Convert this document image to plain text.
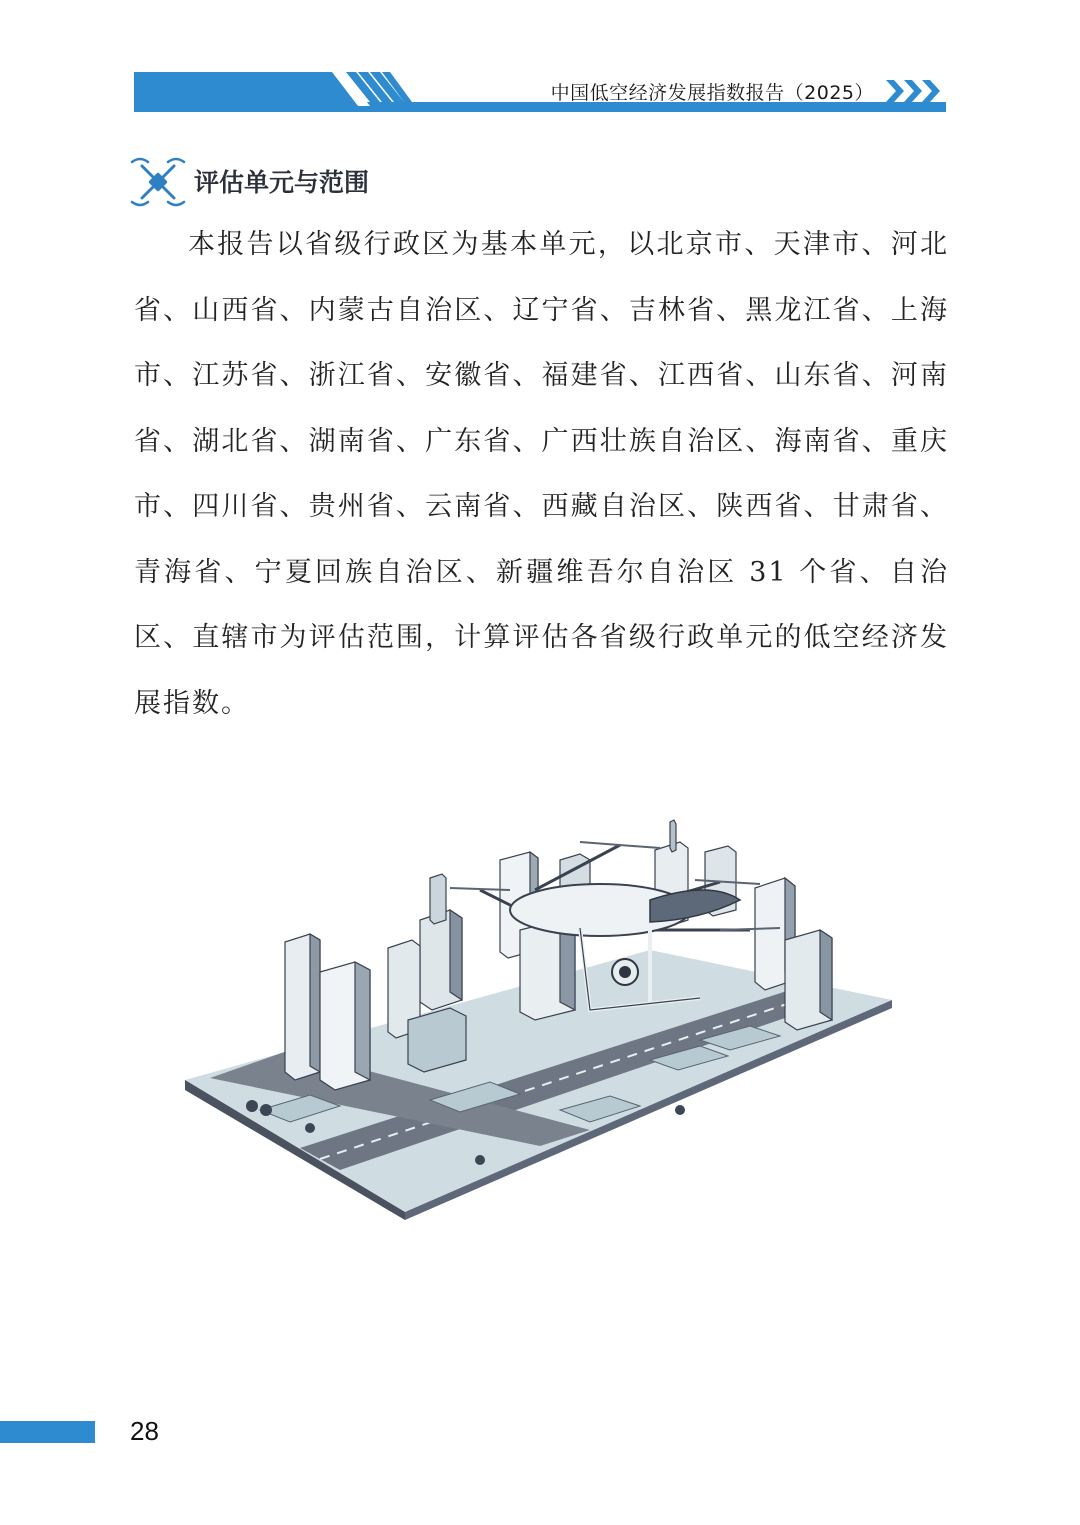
中国低空经济发展指数报告（2025）
评估单元与范围

本报告以省级行政区为基本单元，以北京市、天津市、河北省、山西省、内蒙古自治区、辽宁省、吉林省、黑龙江省、上海市、江苏省、浙江省、安徽省、福建省、江西省、山东省、河南省、湖北省、湖南省、广东省、广西壮族自治区、海南省、重庆市、四川省、贵州省、云南省、西藏自治区、陕西省、甘肃省、青海省、宁夏回族自治区、新疆维吾尔自治区 31 个省、自治区、直辖市为评估范围，计算评估各省级行政单元的低空经济发展指数。

28
